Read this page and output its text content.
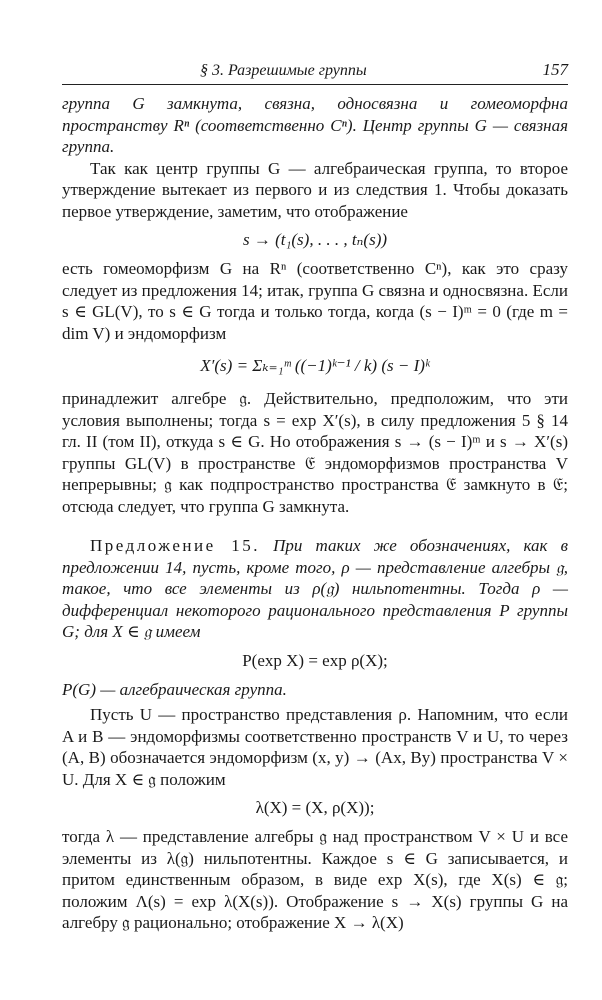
§ 3. Разрешимые группы	157

группа G замкнута, связна, односвязна и гомеоморфна пространству Rⁿ (соответственно Cⁿ). Центр группы G — связная группа.

Так как центр группы G — алгебраическая группа, то второе утверждение вытекает из первого и из следствия 1. Чтобы доказать первое утверждение, заметим, что отображение

s → (t₁(s), . . . , tₙ(s))

есть гомеоморфизм G на Rⁿ (соответственно Cⁿ), как это сразу следует из предложения 14; итак, группа G связна и односвязна. Если s ∈ GL(V), то s ∈ G тогда и только тогда, когда (s − I)ᵐ = 0 (где m = dim V) и эндоморфизм

X′(s) = Σₖ₌₁ᵐ ((−1)ᵏ⁻¹ / k) (s − I)ᵏ

принадлежит алгебре 𝔤. Действительно, предположим, что эти условия выполнены; тогда s = exp X′(s), в силу предложения 5 § 14 гл. II (том II), откуда s ∈ G. Но отображения s → (s − I)ᵐ и s → X′(s) группы GL(V) в пространстве 𝔈 эндоморфизмов пространства V непрерывны; 𝔤 как подпространство пространства 𝔈 замкнуто в 𝔈; отсюда следует, что группа G замкнута.

Предложение 15. При таких же обозначениях, как в предложении 14, пусть, кроме того, ρ — представление алгебры 𝔤, такое, что все элементы из ρ(𝔤) нильпотентны. Тогда ρ — дифференциал некоторого рационального представления P группы G; для X ∈ 𝔤 имеем

P(exp X) = exp ρ(X);

P(G) — алгебраическая группа.

Пусть U — пространство представления ρ. Напомним, что если A и B — эндоморфизмы соответственно пространств V и U, то через (A, B) обозначается эндоморфизм (x, y) → (Ax, By) пространства V × U. Для X ∈ 𝔤 положим

λ(X) = (X, ρ(X));

тогда λ — представление алгебры 𝔤 над пространством V × U и все элементы из λ(𝔤) нильпотентны. Каждое s ∈ G записывается, и притом единственным образом, в виде exp X(s), где X(s) ∈ 𝔤; положим Λ(s) = exp λ(X(s)). Отображение s → X(s) группы G на алгебру 𝔤 рационально; отображение X → λ(X)
